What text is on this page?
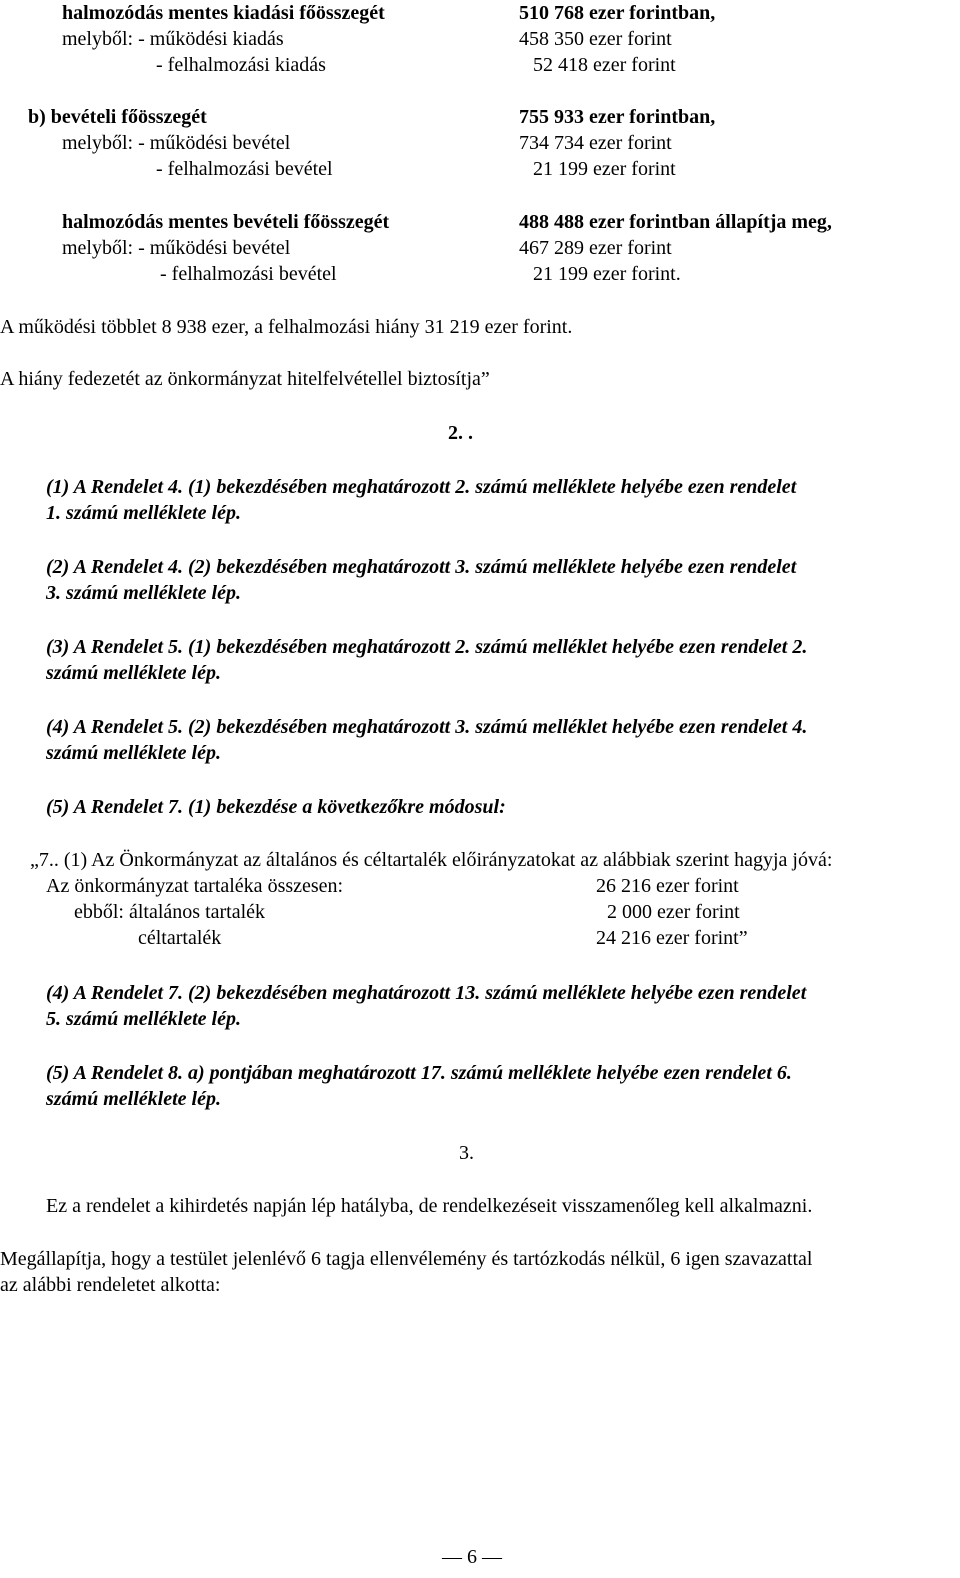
halmozódás mentes kiadási főösszegét	510 768 ezer forintban,
melyből: - működési kiadás	458 350 ezer forint
- felhalmozási kiadás	52 418 ezer forint
b) bevételi főösszegét	755 933 ezer forintban,
melyből: - működési bevétel	734 734 ezer forint
- felhalmozási bevétel	21 199 ezer forint
halmozódás mentes bevételi főösszegét	488 488 ezer forintban állapítja meg,
melyből: - működési bevétel	467 289 ezer forint
- felhalmozási bevétel	21 199 ezer forint.
A működési többlet 8 938 ezer, a felhalmozási hiány 31 219 ezer forint.
A hiány fedezetét az önkormányzat hitelfelvétellel biztosítja”
2. .
(1) A Rendelet 4. (1) bekezdésében meghatározott 2. számú melléklete helyébe ezen rendelet
1. számú melléklete lép.
(2) A Rendelet 4. (2) bekezdésében meghatározott 3. számú melléklete helyébe ezen rendelet
3. számú melléklete lép.
(3) A Rendelet 5. (1) bekezdésében meghatározott 2. számú melléklet helyébe ezen rendelet 2.
számú melléklete lép.
(4) A Rendelet 5. (2) bekezdésében meghatározott 3. számú melléklet helyébe ezen rendelet 4.
számú melléklete lép.
(5) A Rendelet 7. (1) bekezdése a következőkre módosul:
„7.. (1) Az Önkormányzat az általános és céltartalék előirányzatokat az alábbiak szerint hagyja jóvá:
Az önkormányzat tartaléka összesen:	26 216 ezer forint
ebből: általános tartalék	2 000 ezer forint
céltartalék	24 216 ezer forint”
(4) A Rendelet 7. (2) bekezdésében meghatározott 13. számú melléklete helyébe ezen rendelet
5. számú melléklete lép.
(5) A Rendelet 8. a) pontjában meghatározott 17. számú melléklete helyébe ezen rendelet 6.
számú melléklete lép.
3.
Ez a rendelet a kihirdetés napján lép hatályba, de rendelkezéseit visszamenőleg kell alkalmazni.
Megállapítja, hogy a testület jelenlévő 6 tagja ellenvélemény és tartózkodás nélkül, 6 igen szavazattal
az alábbi rendeletet alkotta:
— 6 —
